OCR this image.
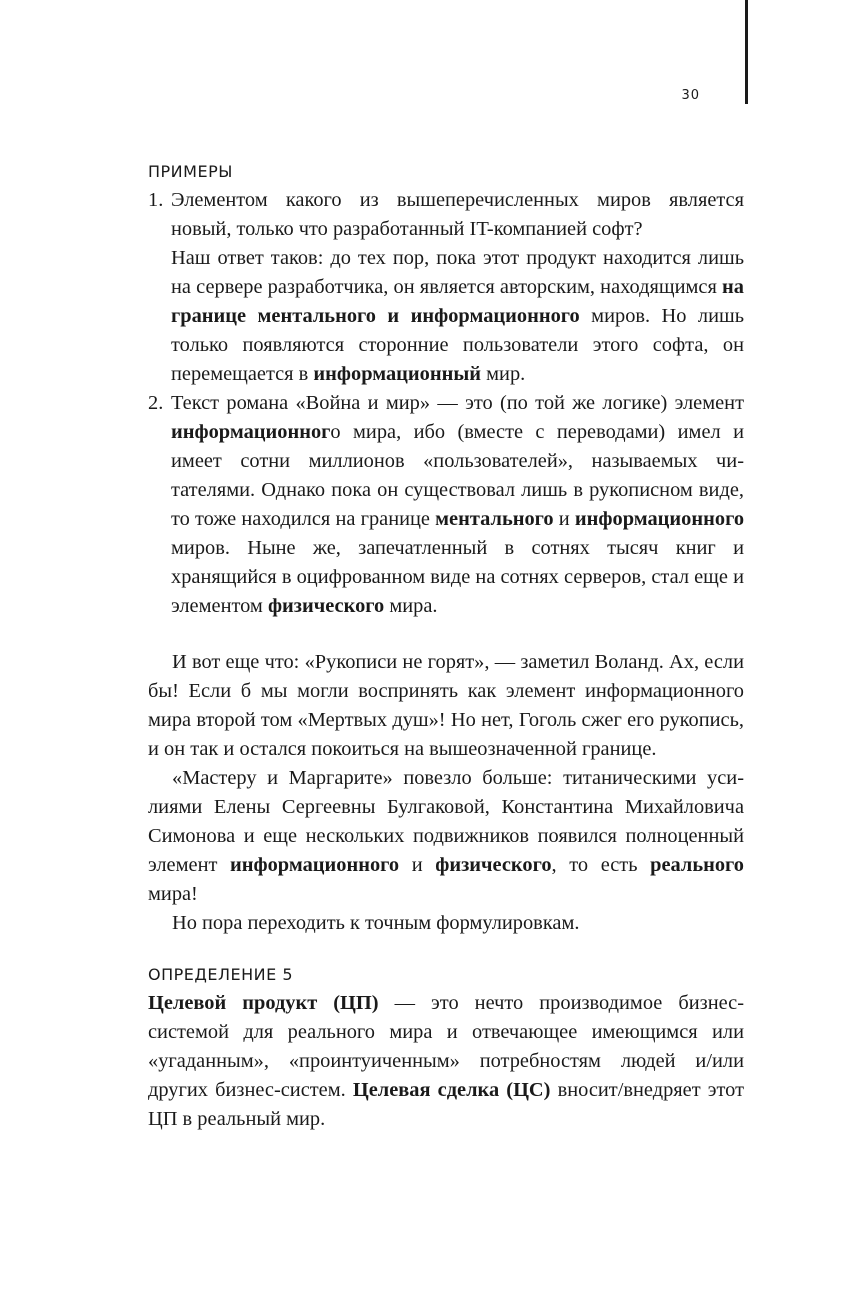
30
ПРИМЕРЫ
1. Элементом какого из вышеперечисленных миров является новый, только что разработанный IT-компанией софт?

Наш ответ таков: до тех пор, пока этот продукт находится лишь на сервере разработчика, он является авторским, находящимся на границе ментального и информационного миров. Но лишь только появляются сторонние пользователи этого софта, он перемещается в информационный мир.

2. Текст романа «Война и мир» — это (по той же логике) элемент информационного мира, ибо (вместе с переводами) имел и имеет сотни миллионов «пользователей», называемых читателями. Однако пока он существовал лишь в рукописном виде, то тоже находился на границе ментального и информационного миров. Ныне же, запечатленный в сотнях тысяч книг и хранящийся в оцифрованном виде на сотнях серверов, стал еще и элементом физического мира.

И вот еще что: «Рукописи не горят», — заметил Воланд. Ах, если бы! Если б мы могли воспринять как элемент информационного мира второй том «Мертвых душ»! Но нет, Гоголь сжег его рукопись, и он так и остался покоиться на вышеозначенной границе.

«Мастеру и Маргарите» повезло больше: титаническими усилиями Елены Сергеевны Булгаковой, Константина Михайловича Симонова и еще нескольких подвижников появился полноценный элемент информационного и физического, то есть реального мира!

Но пора переходить к точным формулировкам.

ОПРЕДЕЛЕНИЕ 5

Целевой продукт (ЦП) — это нечто производимое бизнес-системой для реального мира и отвечающее имеющимся или «угаданным», «проинтуиченным» потребностям людей и/или других бизнес-систем. Целевая сделка (ЦС) вносит/внедряет этот ЦП в реальный мир.
